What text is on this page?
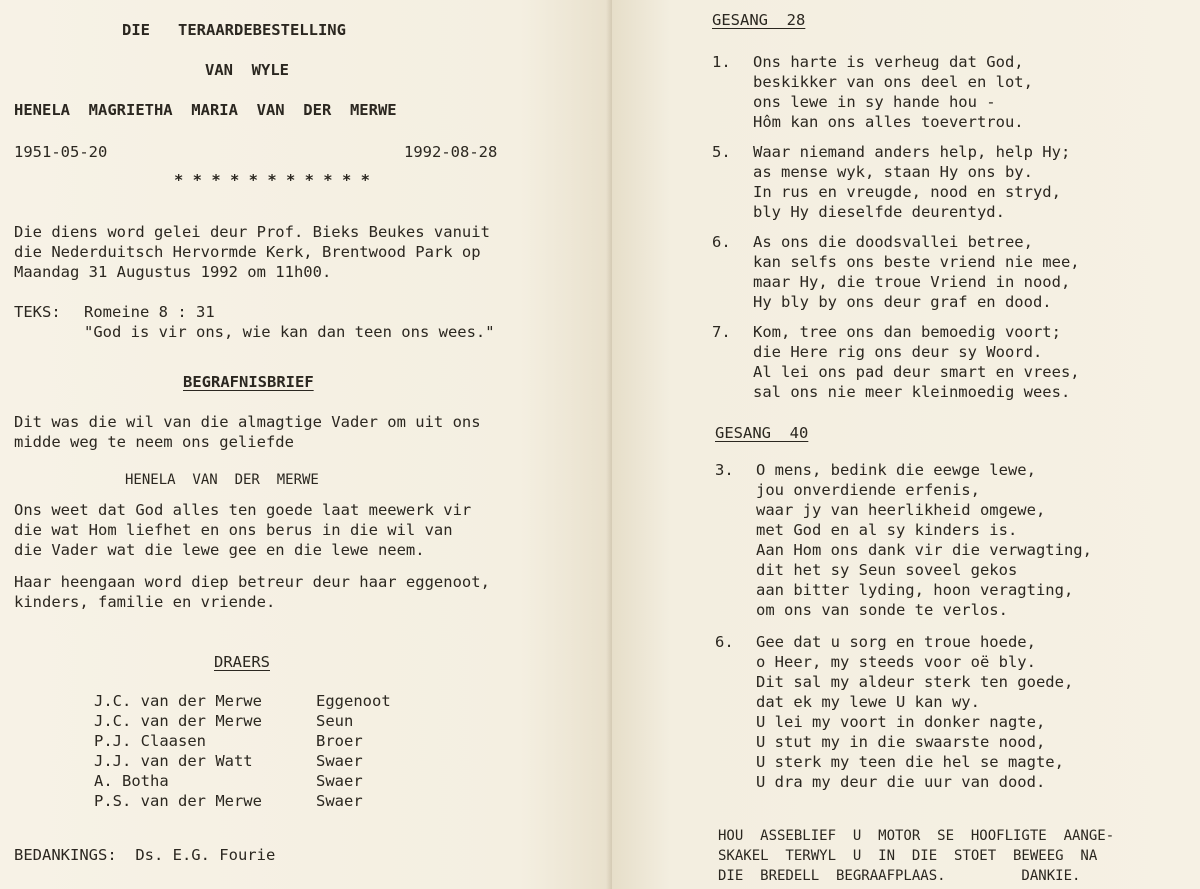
DIE   TERAARDEBESTELLING
VAN  WYLE
HENELA  MAGRIETHA  MARIA  VAN  DER  MERWE
1951-05-20	1992-08-28
* * * * * * * * * * *
Die diens word gelei deur Prof. Bieks Beukes vanuit
die Nederduitsch Hervormde Kerk, Brentwood Park op
Maandag 31 Augustus 1992 om 11h00.
TEKS: Romeine 8 : 31
"God is vir ons, wie kan dan teen ons wees."
BEGRAFNISBRIEF
Dit was die wil van die almagtige Vader om uit ons
midde weg te neem ons geliefde
HENELA  VAN  DER  MERWE
Ons weet dat God alles ten goede laat meewerk vir
die wat Hom liefhet en ons berus in die wil van
die Vader wat die lewe gee en die lewe neem.
Haar heengaan word diep betreur deur haar eggenoot,
kinders, familie en vriende.
DRAERS
J.C. van der Merwe	Eggenoot
J.C. van der Merwe	Seun
P.J. Claasen	Broer
J.J. van der Watt	Swaer
A. Botha	Swaer
P.S. van der Merwe	Swaer
BEDANKINGS:  Ds. E.G. Fourie
GESANG  28
1. Ons harte is verheug dat God,
beskikker van ons deel en lot,
ons lewe in sy hande hou -
Hôm kan ons alles toevertrou.
5. Waar niemand anders help, help Hy;
as mense wyk, staan Hy ons by.
In rus en vreugde, nood en stryd,
bly Hy dieselfde deurentyd.
6. As ons die doodsvallei betree,
kan selfs ons beste vriend nie mee,
maar Hy, die troue Vriend in nood,
Hy bly by ons deur graf en dood.
7. Kom, tree ons dan bemoedig voort;
die Here rig ons deur sy Woord.
Al lei ons pad deur smart en vrees,
sal ons nie meer kleinmoedig wees.
GESANG  40
3. O mens, bedink die eewge lewe,
jou onverdiende erfenis,
waar jy van heerlikheid omgewe,
met God en al sy kinders is.
Aan Hom ons dank vir die verwagting,
dit het sy Seun soveel gekos
aan bitter lyding, hoon veragting,
om ons van sonde te verlos.
6. Gee dat u sorg en troue hoede,
o Heer, my steeds voor oë bly.
Dit sal my aldeur sterk ten goede,
dat ek my lewe U kan wy.
U lei my voort in donker nagte,
U stut my in die swaarste nood,
U sterk my teen die hel se magte,
U dra my deur die uur van dood.
HOU  ASSEBLIEF  U  MOTOR  SE  HOOFLIGTE  AANGE-
SKAKEL  TERWYL  U  IN  DIE  STOET  BEWEEG  NA
DIE  BREDELL  BEGRAAFPLAAS.         DANKIE.
